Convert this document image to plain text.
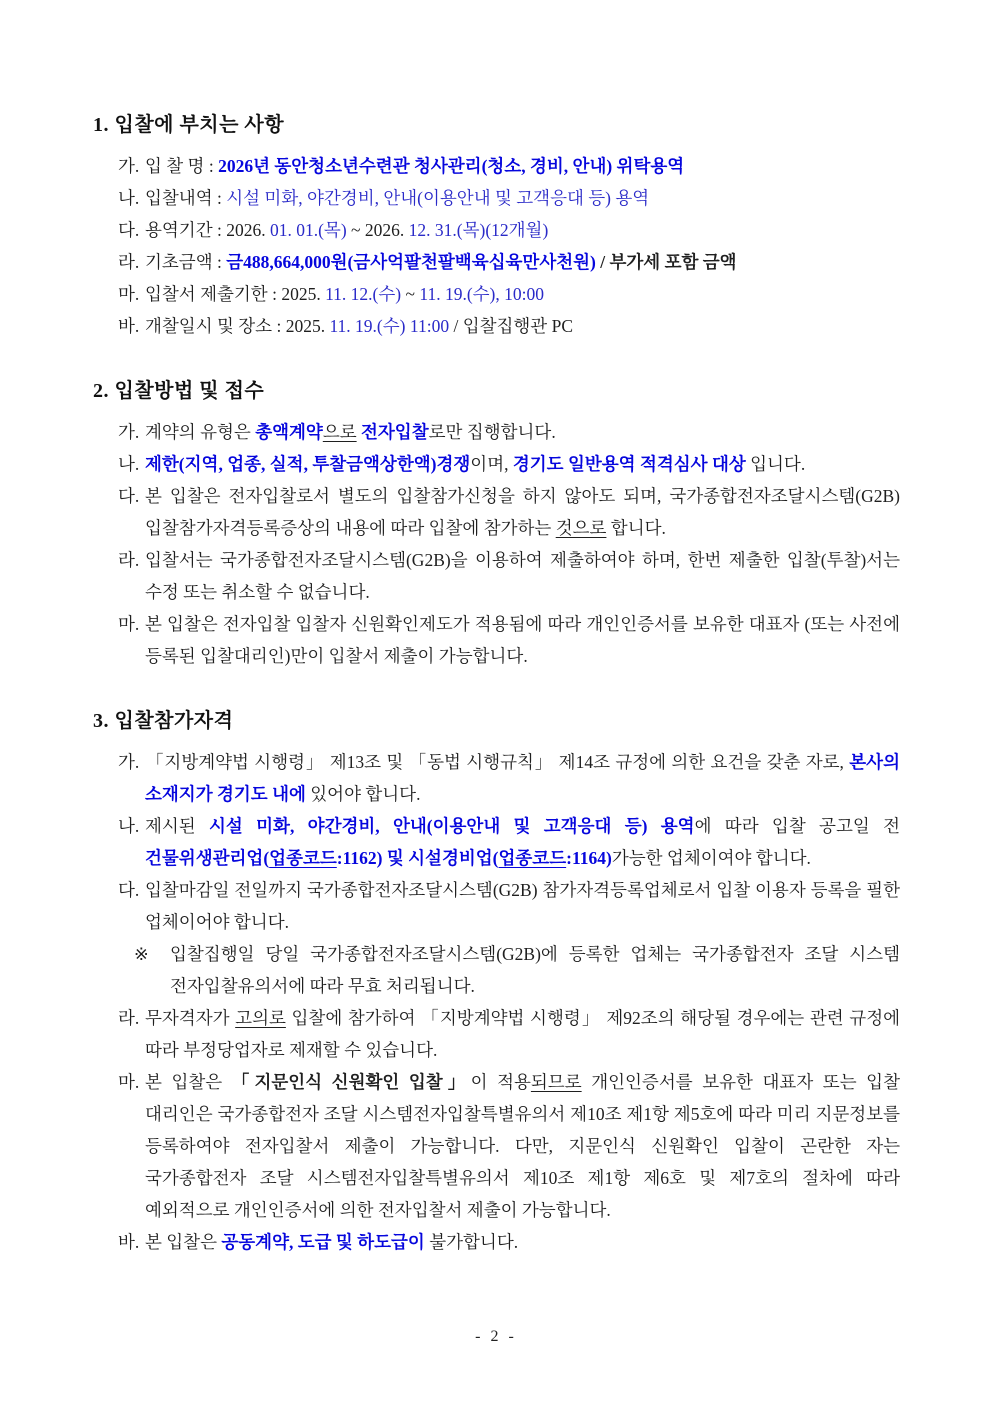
1. 입찰에 부치는 사항
가. 입 찰 명 : 2026년 동안청소년수련관 청사관리(청소, 경비, 안내) 위탁용역
나. 입찰내역 : 시설 미화, 야간경비, 안내(이용안내 및 고객응대 등) 용역
다. 용역기간 : 2026. 01. 01.(목) ~ 2026. 12. 31.(목)(12개월)
라. 기초금액 : 금488,664,000원(금사억팔천팔백육십육만사천원) / 부가세 포함 금액
마. 입찰서 제출기한 : 2025. 11. 12.(수) ~ 11. 19.(수), 10:00
바. 개찰일시 및 장소 : 2025. 11. 19.(수) 11:00 / 입찰집행관 PC
2. 입찰방법 및 접수
가. 계약의 유형은 총액계약으로 전자입찰로만 집행합니다.
나. 제한(지역, 업종, 실적, 투찰금액상한액)경쟁이며, 경기도 일반용역 적격심사 대상 입니다.
다. 본 입찰은 전자입찰로서 별도의 입찰참가신청을 하지 않아도 되며, 국가종합전자조달시스템(G2B) 입찰참가자격등록증상의 내용에 따라 입찰에 참가하는 것으로 합니다.
라. 입찰서는 국가종합전자조달시스템(G2B)을 이용하여 제출하여야 하며, 한번 제출한 입찰(투찰)서는 수정 또는 취소할 수 없습니다.
마. 본 입찰은 전자입찰 입찰자 신원확인제도가 적용됨에 따라 개인인증서를 보유한 대표자 (또는 사전에 등록된 입찰대리인)만이 입찰서 제출이 가능합니다.
3. 입찰참가자격
가. 「지방계약법 시행령」 제13조 및 「동법 시행규칙」 제14조 규정에 의한 요건을 갖춘 자로, 본사의 소재지가 경기도 내에 있어야 합니다.
나. 제시된 시설 미화, 야간경비, 안내(이용안내 및 고객응대 등) 용역에 따라 입찰 공고일 전 건물위생관리업(업종코드:1162) 및 시설경비업(업종코드:1164)가능한 업체이여야 합니다.
다. 입찰마감일 전일까지 국가종합전자조달시스템(G2B) 참가자격등록업체로서 입찰 이용자 등록을 필한 업체이어야 합니다.
※ 입찰집행일 당일 국가종합전자조달시스템(G2B)에 등록한 업체는 국가종합전자 조달 시스템 전자입찰유의서에 따라 무효 처리됩니다.
라. 무자격자가 고의로 입찰에 참가하여 「지방계약법 시행령」 제92조의 해당될 경우에는 관련 규정에 따라 부정당업자로 제재할 수 있습니다.
마. 본 입찰은 「지문인식 신원확인 입찰」이 적용되므로 개인인증서를 보유한 대표자 또는 입찰 대리인은 국가종합전자 조달 시스템전자입찰특별유의서 제10조 제1항 제5호에 따라 미리 지문정보를 등록하여야 전자입찰서 제출이 가능합니다. 다만, 지문인식 신원확인 입찰이 곤란한 자는 국가종합전자 조달 시스템전자입찰특별유의서 제10조 제1항 제6호 및 제7호의 절차에 따라 예외적으로 개인인증서에 의한 전자입찰서 제출이 가능합니다.
바. 본 입찰은 공동계약, 도급 및 하도급이 불가합니다.
- 2 -
